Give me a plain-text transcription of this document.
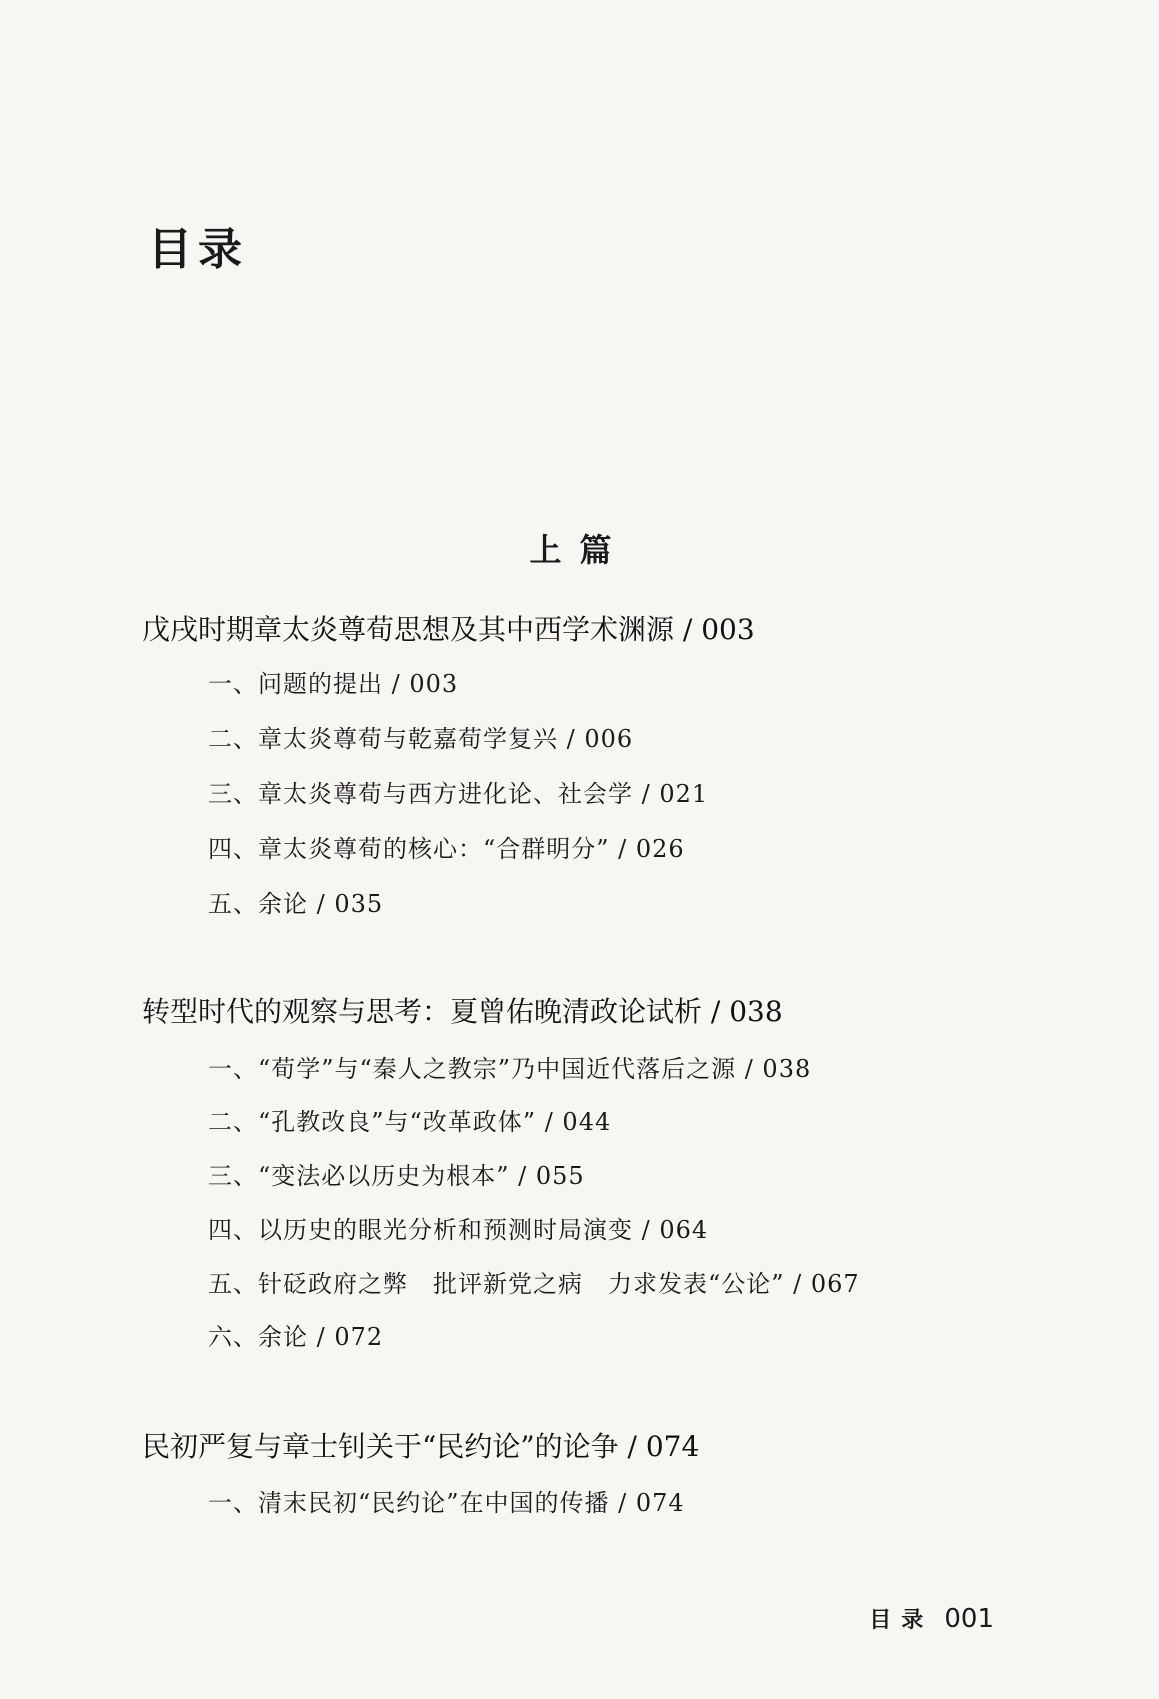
目录
上篇
戊戌时期章太炎尊荀思想及其中西学术渊源 / 003
一、问题的提出 / 003
二、章太炎尊荀与乾嘉荀学复兴 / 006
三、章太炎尊荀与西方进化论、社会学 / 021
四、章太炎尊荀的核心：“合群明分” / 026
五、余论 / 035
转型时代的观察与思考：夏曾佑晚清政论试析 / 038
一、“荀学”与“秦人之教宗”乃中国近代落后之源 / 038
二、“孔教改良”与“改革政体” / 044
三、“变法必以历史为根本” / 055
四、以历史的眼光分析和预测时局演变 / 064
五、针砭政府之弊　批评新党之病　力求发表“公论” / 067
六、余论 / 072
民初严复与章士钊关于“民约论”的论争 / 074
一、清末民初“民约论”在中国的传播 / 074
目录 001
